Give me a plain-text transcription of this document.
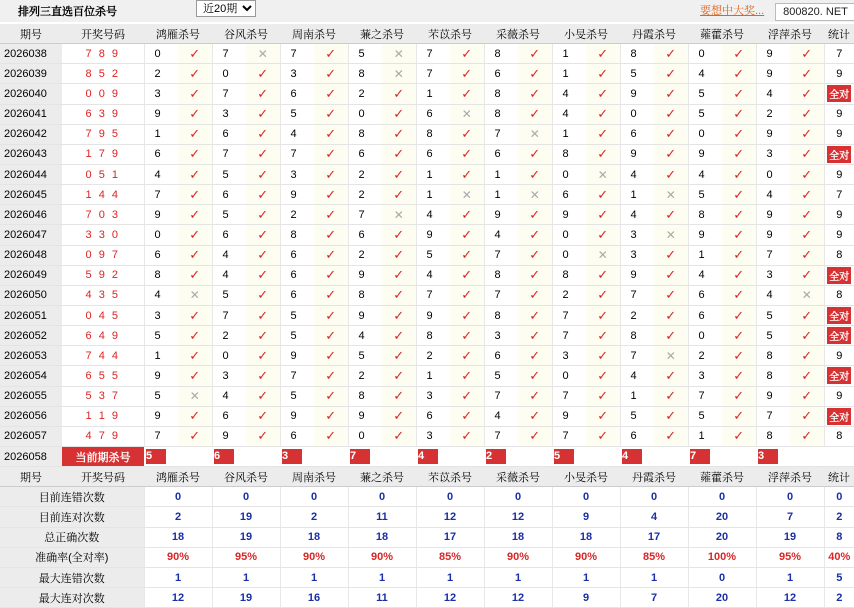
排列三直选百位杀号
近20期	要想中大奖...	800820. NET
期号	开奖号码	鸿雁杀号		谷风杀号		周南杀号		蒹之杀号		芣苡杀号		采薇杀号		小旻杀号		丹霞杀号		蕹藿杀号		浮萍杀号		统计
2026038	7 8 9	0	✓	7	✕	7	✓	5	✕	7	✓	8	✓	1	✓	8	✓	0	✓	9	✓	7
2026039	8 5 2	2	✓	0	✓	3	✓	8	✕	7	✓	6	✓	1	✓	5	✓	4	✓	9	✓	9
2026040	0 0 9	3	✓	7	✓	6	✓	2	✓	1	✓	8	✓	4	✓	9	✓	5	✓	4	✓	全对
2026041	6 3 9	9	✓	3	✓	5	✓	0	✓	6	✕	8	✓	4	✓	0	✓	5	✓	2	✓	9
2026042	7 9 5	1	✓	6	✓	4	✓	8	✓	8	✓	7	✕	1	✓	6	✓	0	✓	9	✓	9
2026043	1 7 9	6	✓	7	✓	7	✓	6	✓	6	✓	6	✓	8	✓	9	✓	9	✓	3	✓	全对
2026044	0 5 1	4	✓	5	✓	3	✓	2	✓	1	✓	1	✓	0	✕	4	✓	4	✓	0	✓	9
2026045	1 4 4	7	✓	6	✓	9	✓	2	✓	1	✕	1	✕	6	✓	1	✕	5	✓	4	✓	7
2026046	7 0 3	9	✓	5	✓	2	✓	7	✕	4	✓	9	✓	9	✓	4	✓	8	✓	9	✓	9
2026047	3 3 0	0	✓	6	✓	8	✓	6	✓	9	✓	4	✓	0	✓	3	✕	9	✓	9	✓	9
2026048	0 9 7	6	✓	4	✓	6	✓	2	✓	5	✓	7	✓	0	✕	3	✓	1	✓	7	✓	8
2026049	5 9 2	8	✓	4	✓	6	✓	9	✓	4	✓	8	✓	8	✓	9	✓	4	✓	3	✓	全对
2026050	4 3 5	4	✕	5	✓	6	✓	8	✓	7	✓	7	✓	2	✓	7	✓	6	✓	4	✕	8
2026051	0 4 5	3	✓	7	✓	5	✓	9	✓	9	✓	8	✓	7	✓	2	✓	6	✓	5	✓	全对
2026052	6 4 9	5	✓	2	✓	5	✓	4	✓	8	✓	3	✓	7	✓	8	✓	0	✓	5	✓	全对
2026053	7 4 4	1	✓	0	✓	9	✓	5	✓	2	✓	6	✓	3	✓	7	✕	2	✓	8	✓	9
2026054	6 5 5	9	✓	3	✓	7	✓	2	✓	1	✓	5	✓	0	✓	4	✓	3	✓	8	✓	全对
2026055	5 3 7	5	✕	4	✓	5	✓	8	✓	3	✓	7	✓	7	✓	1	✓	7	✓	9	✓	9
2026056	1 1 9	9	✓	6	✓	9	✓	9	✓	6	✓	4	✓	9	✓	5	✓	5	✓	7	✓	全对
2026057	4 7 9	7	✓	9	✓	6	✓	0	✓	3	✓	7	✓	7	✓	6	✓	1	✓	8	✓	8
2026058	当前期杀号	5		6		3		7		4		2		5		4		7		3		
期号	开奖号码	鸿雁杀号		谷风杀号		周南杀号		蒹之杀号		芣苡杀号		采薇杀号		小旻杀号		丹霞杀号		蕹藿杀号		浮萍杀号		统计
目前连错次数		0		0		0		0		0		0		0		0		0		0		0
目前连对次数		2		19		2		11		12		12		9		4		20		7		2
总正确次数		18		19		18		18		17		18		18		17		20		19		8
准确率(全对率)		90%		95%		90%		90%		85%		90%		90%		85%		100%		95%		40%
最大连错次数		1		1		1		1		1		1		1		1		0		1		5
最大连对次数		12		19		16		11		12		12		9		7		20		12		2
